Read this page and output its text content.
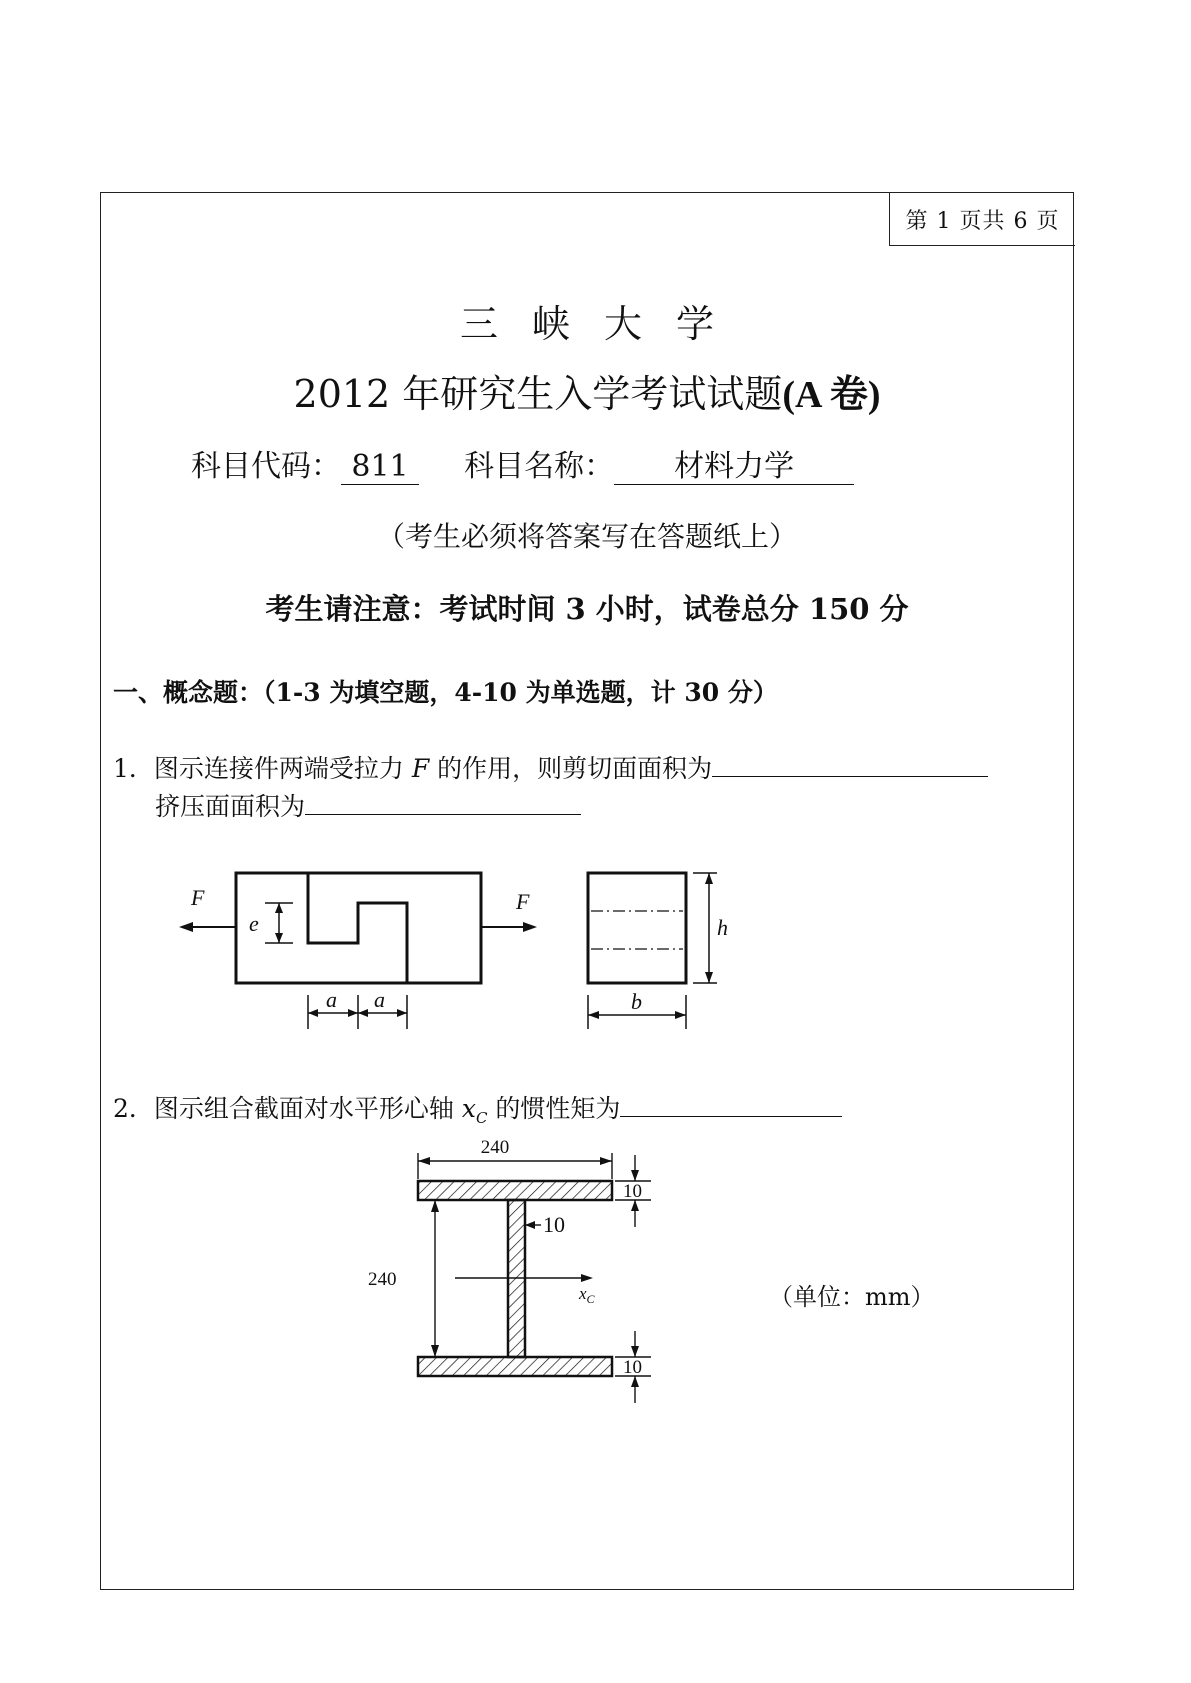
第 1 页共 6 页
三峡大学
2012 年研究生入学考试试题(A 卷)
科目代码： 811 科目名称： 材料力学
（考生必须将答案写在答题纸上）
考生请注意：考试时间 3 小时，试卷总分 150 分
一、概念题：（1-3 为填空题，4-10 为单选题，计 30 分）
1．图示连接件两端受拉力 F 的作用，则剪切面面积为
挤压面面积为
F	F
e
a a	b
h
2．图示组合截面对水平形心轴 $x_C$ 的惯性矩为
240
240
10
10
10
$x_C$	（单位：mm）
